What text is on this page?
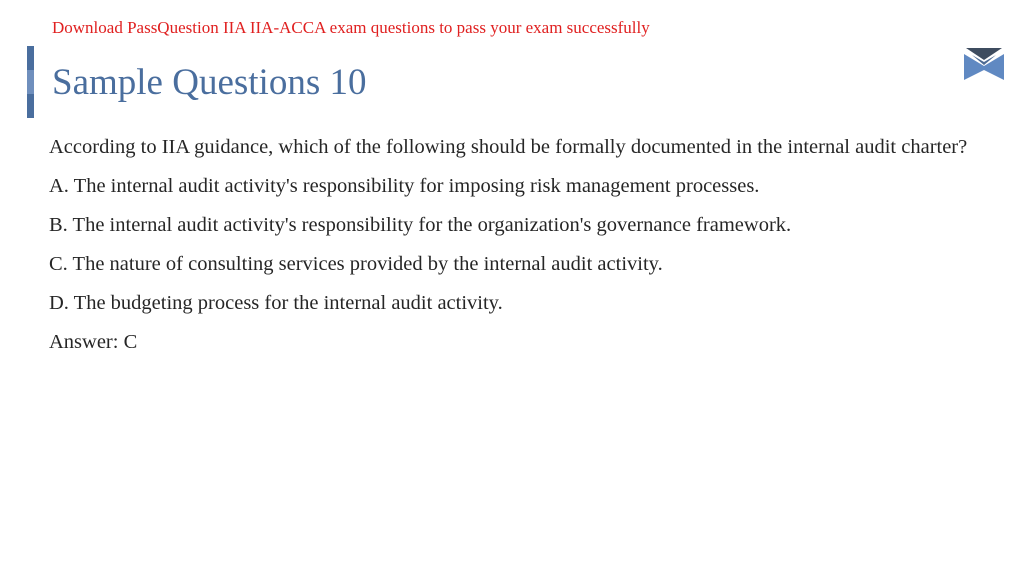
Download PassQuestion IIA IIA-ACCA exam questions to pass your exam successfully
Sample Questions 10

According to IIA guidance, which of the following should be formally documented in the internal audit charter?

A. The internal audit activity's responsibility for imposing risk management processes.

B. The internal audit activity's responsibility for the organization's governance framework.

C. The nature of consulting services provided by the internal audit activity.

D. The budgeting process for the internal audit activity.

Answer: C
